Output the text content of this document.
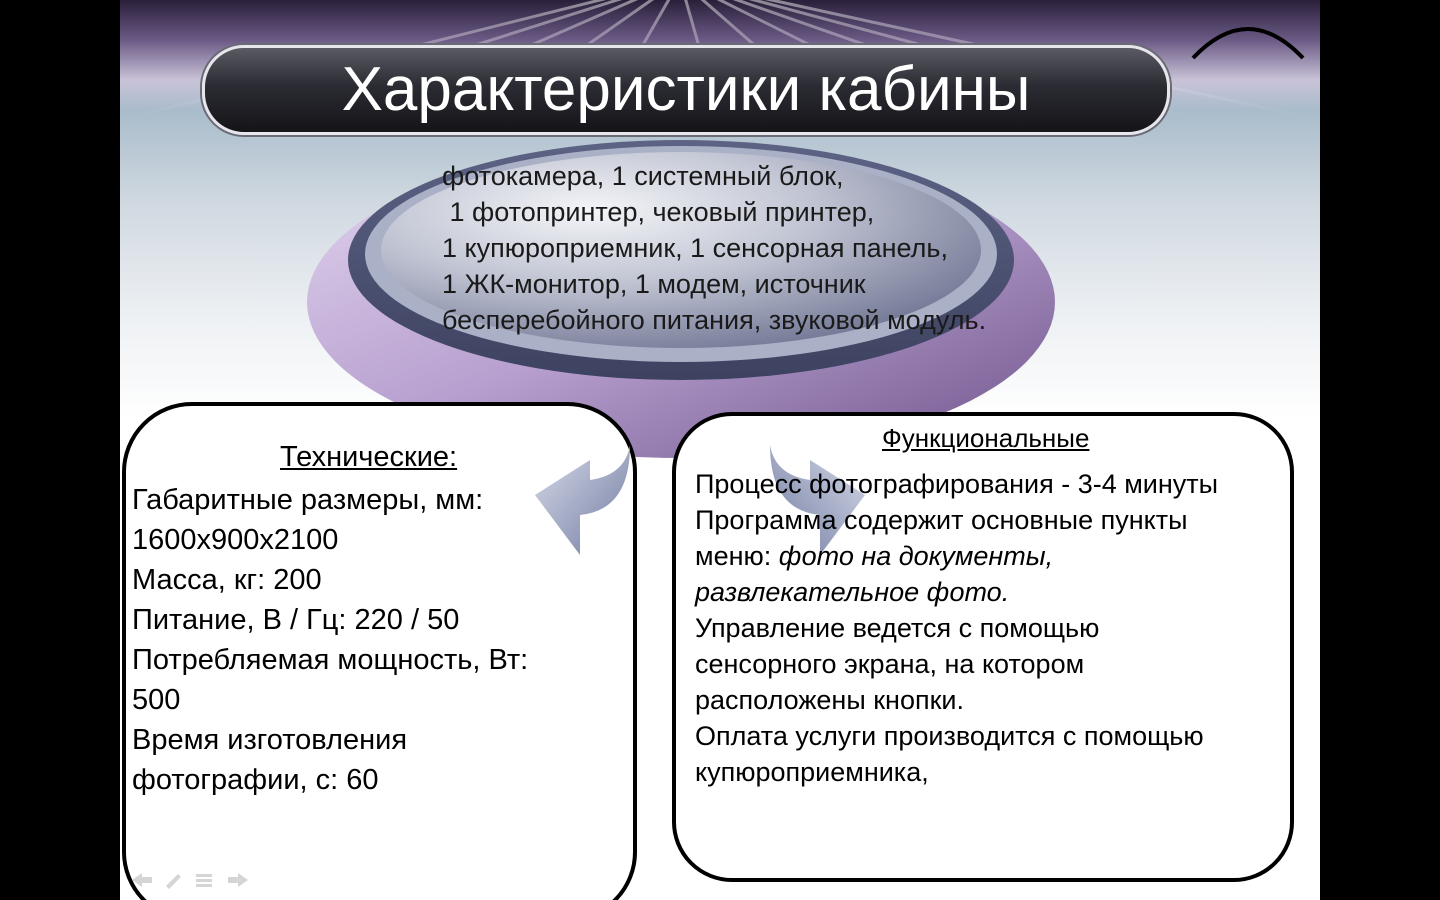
Характеристики кабины
фотокамера, 1 системный блок,
1 фотопринтер, чековый принтер,
1 купюроприемник, 1 сенсорная панель,
1 ЖК-монитор, 1 модем, источник
бесперебойного питания, звуковой модуль.
Технические:
Габаритные размеры, мм:
1600х900х2100
Масса, кг: 200
Питание, В / Гц: 220 / 50
Потребляемая мощность, Вт:
500
Время изготовления
фотографии, с: 60
Функциональные
Процесс фотографирования - 3-4 минуты
Программа содержит основные пункты
меню: фото на документы,
развлекательное фото.
Управление ведется с помощью
сенсорного экрана, на котором
расположены кнопки.
Оплата услуги производится с помощью
купюроприемника,
